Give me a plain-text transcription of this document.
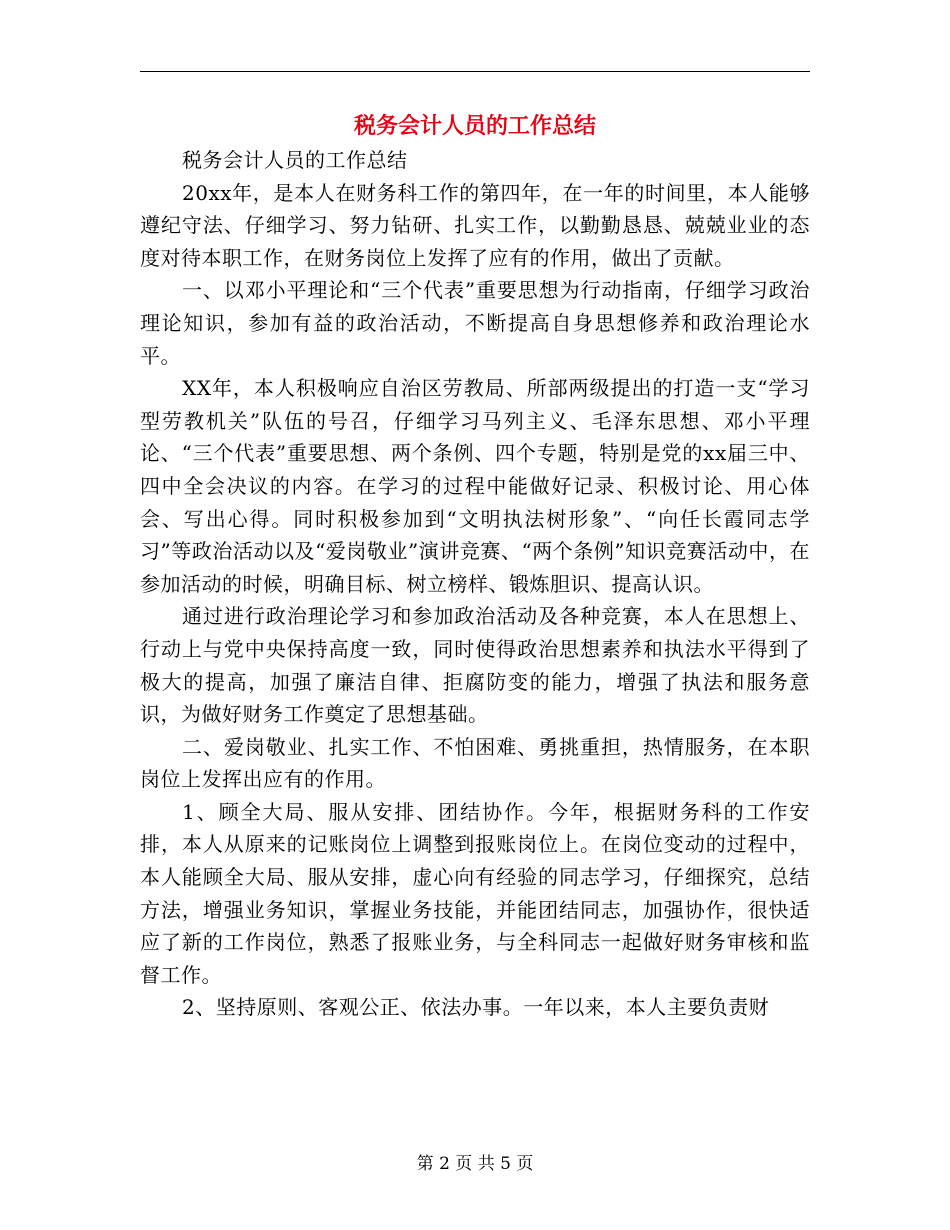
税务会计人员的工作总结

税务会计人员的工作总结

20xx年，是本人在财务科工作的第四年，在一年的时间里，本人能够遵纪守法、仔细学习、努力钻研、扎实工作，以勤勤恳恳、兢兢业业的态度对待本职工作，在财务岗位上发挥了应有的作用，做出了贡献。

一、以邓小平理论和“三个代表”重要思想为行动指南，仔细学习政治理论知识，参加有益的政治活动，不断提高自身思想修养和政治理论水平。

XX年，本人积极响应自治区劳教局、所部两级提出的打造一支“学习型劳教机关”队伍的号召，仔细学习马列主义、毛泽东思想、邓小平理论、“三个代表”重要思想、两个条例、四个专题，特别是党的xx届三中、四中全会决议的内容。在学习的过程中能做好记录、积极讨论、用心体会、写出心得。同时积极参加到“文明执法树形象”、“向任长霞同志学习”等政治活动以及“爱岗敬业”演讲竞赛、“两个条例”知识竞赛活动中，在参加活动的时候，明确目标、树立榜样、锻炼胆识、提高认识。

通过进行政治理论学习和参加政治活动及各种竞赛，本人在思想上、行动上与党中央保持高度一致，同时使得政治思想素养和执法水平得到了极大的提高，加强了廉洁自律、拒腐防变的能力，增强了执法和服务意识，为做好财务工作奠定了思想基础。

二、爱岗敬业、扎实工作、不怕困难、勇挑重担，热情服务，在本职岗位上发挥出应有的作用。

1、顾全大局、服从安排、团结协作。今年，根据财务科的工作安排，本人从原来的记账岗位上调整到报账岗位上。在岗位变动的过程中，本人能顾全大局、服从安排，虚心向有经验的同志学习，仔细探究，总结方法，增强业务知识，掌握业务技能，并能团结同志，加强协作，很快适应了新的工作岗位，熟悉了报账业务，与全科同志一起做好财务审核和监督工作。

2、坚持原则、客观公正、依法办事。一年以来，本人主要负责财

第 2 页 共 5 页
